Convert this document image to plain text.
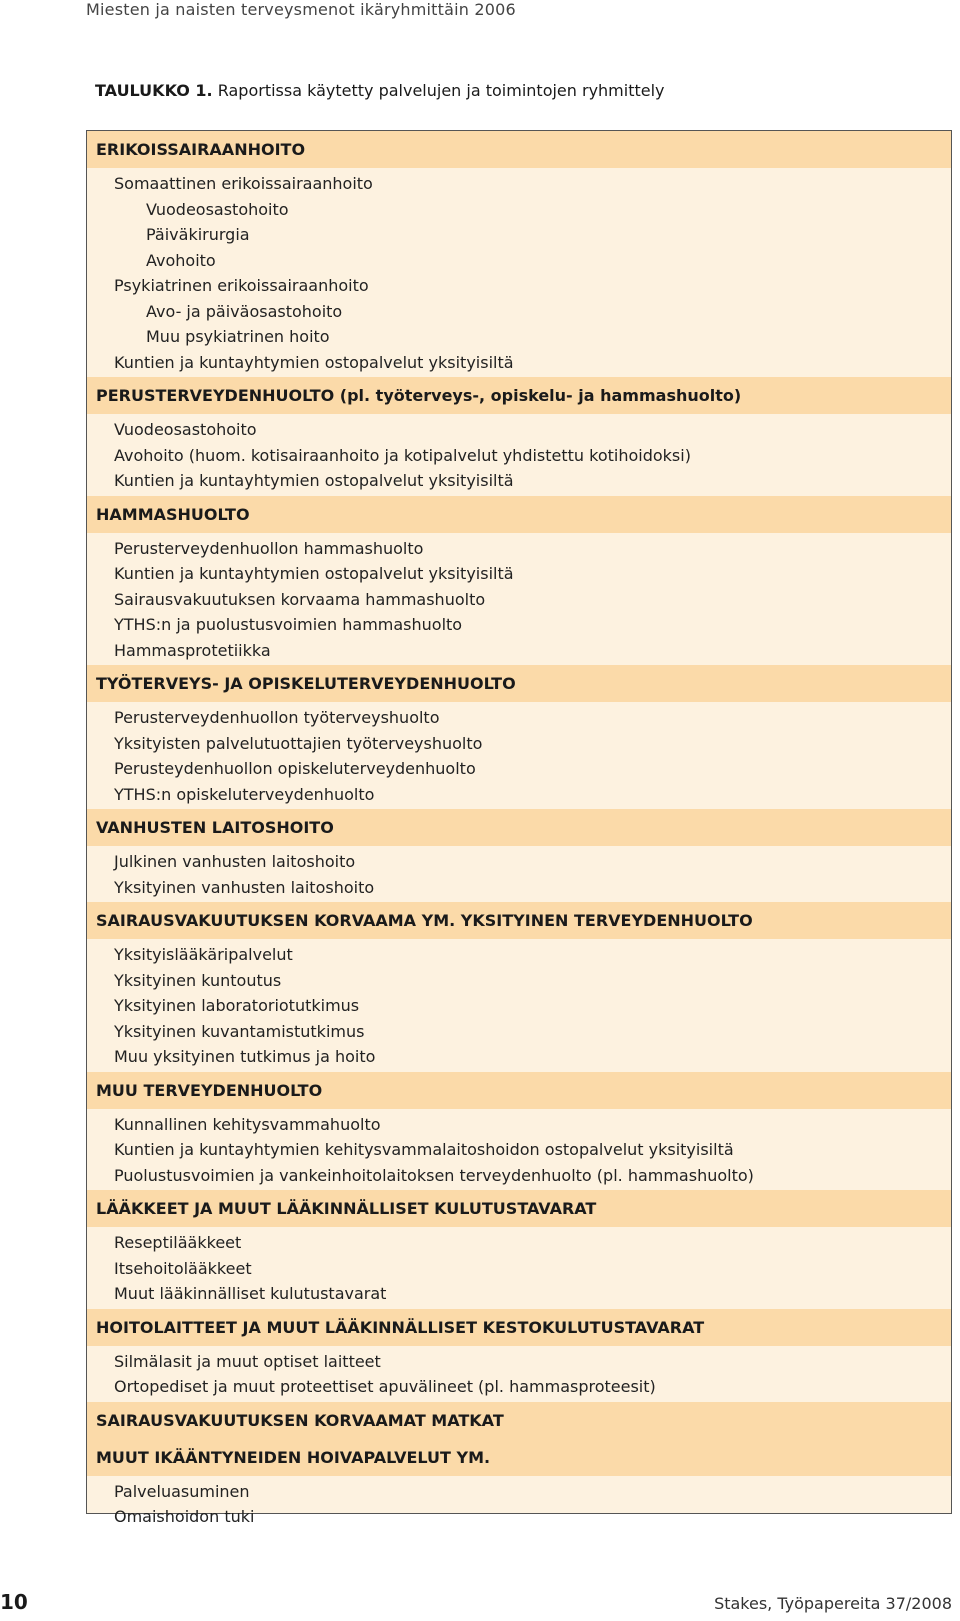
Miesten ja naisten terveysmenot ikäryhmittäin 2006
TAULUKKO 1. Raportissa käytetty palvelujen ja toimintojen ryhmittely
ERIKOISSAIRAANHOITO
Somaattinen erikoissairaanhoito
Vuodeosastohoito
Päiväkirurgia
Avohoito
Psykiatrinen erikoissairaanhoito
Avo- ja päiväosastohoito
Muu psykiatrinen hoito
Kuntien ja kuntayhtymien ostopalvelut yksityisiltä
PERUSTERVEYDENHUOLTO (pl. työterveys-, opiskelu- ja hammashuolto)
Vuodeosastohoito
Avohoito (huom. kotisairaanhoito ja kotipalvelut yhdistettu kotihoidoksi)
Kuntien ja kuntayhtymien ostopalvelut yksityisiltä
HAMMASHUOLTO
Perusterveydenhuollon hammashuolto
Kuntien ja kuntayhtymien ostopalvelut yksityisiltä
Sairausvakuutuksen korvaama hammashuolto
YTHS:n ja puolustusvoimien hammashuolto
Hammasprotetiikka
TYÖTERVEYS- JA OPISKELUTERVEYDENHUOLTO
Perusterveydenhuollon työterveyshuolto
Yksityisten palvelutuottajien työterveyshuolto
Perusteydenhuollon opiskeluterveydenhuolto
YTHS:n opiskeluterveydenhuolto
VANHUSTEN LAITOSHOITO
Julkinen vanhusten laitoshoito
Yksityinen vanhusten laitoshoito
SAIRAUSVAKUUTUKSEN KORVAAMA YM. YKSITYINEN TERVEYDENHUOLTO
Yksityislääkäripalvelut
Yksityinen kuntoutus
Yksityinen laboratoriotutkimus
Yksityinen kuvantamistutkimus
Muu yksityinen tutkimus ja hoito
MUU TERVEYDENHUOLTO
Kunnallinen kehitysvammahuolto
Kuntien ja kuntayhtymien kehitysvammalaitoshoidon ostopalvelut yksityisiltä
Puolustusvoimien ja vankeinhoitolaitoksen terveydenhuolto (pl. hammashuolto)
LÄÄKKEET JA MUUT LÄÄKINNÄLLISET KULUTUSTAVARAT
Reseptilääkkeet
Itsehoitolääkkeet
Muut lääkinnälliset kulutustavarat
HOITOLAITTEET JA MUUT LÄÄKINNÄLLISET KESTOKULUTUSTAVARAT
Silmälasit ja muut optiset laitteet
Ortopediset ja muut proteettiset apuvälineet (pl. hammasproteesit)
SAIRAUSVAKUUTUKSEN KORVAAMAT MATKAT
MUUT IKÄÄNTYNEIDEN HOIVAPALVELUT YM.
Palveluasuminen
Omaishoidon tuki
10	Stakes, Työpapereita 37/2008
